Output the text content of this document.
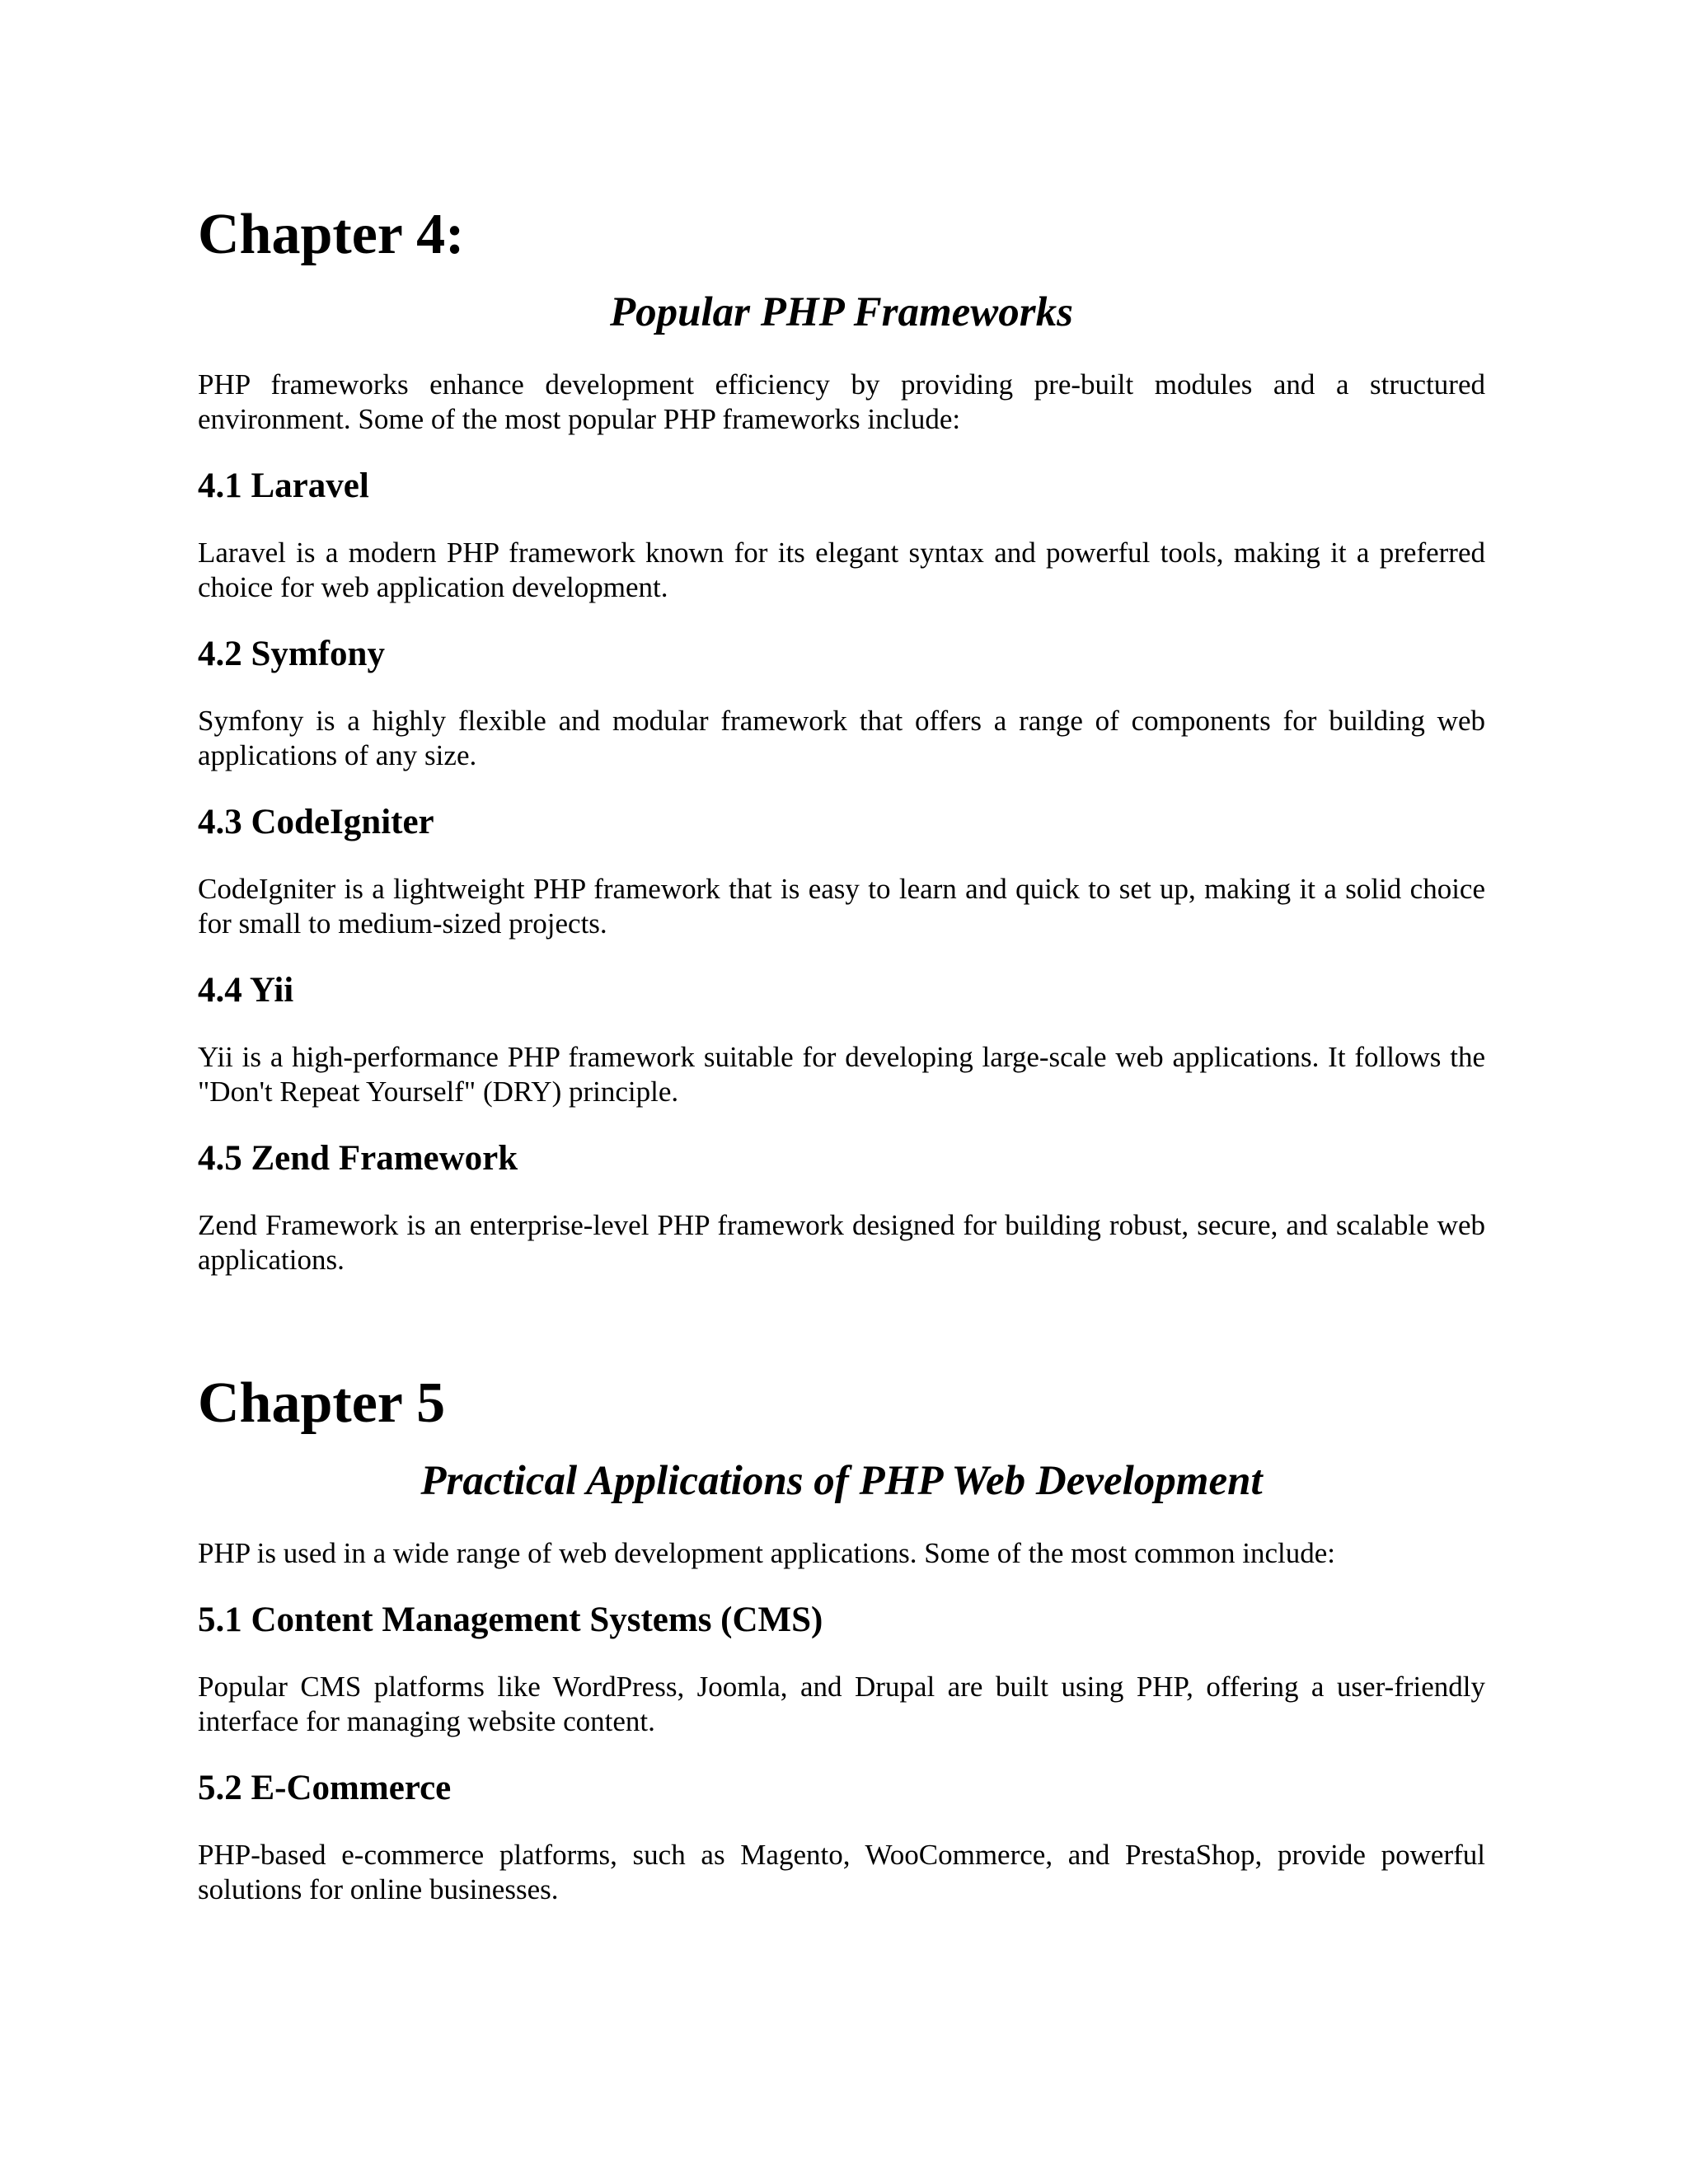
Chapter 4:
Popular PHP Frameworks

PHP frameworks enhance development efficiency by providing pre-built modules and a structured environment. Some of the most popular PHP frameworks include:

4.1 Laravel

Laravel is a modern PHP framework known for its elegant syntax and powerful tools, making it a preferred choice for web application development.

4.2 Symfony

Symfony is a highly flexible and modular framework that offers a range of components for building web applications of any size.

4.3 CodeIgniter

CodeIgniter is a lightweight PHP framework that is easy to learn and quick to set up, making it a solid choice for small to medium-sized projects.

4.4 Yii

Yii is a high-performance PHP framework suitable for developing large-scale web applications. It follows the "Don't Repeat Yourself" (DRY) principle.

4.5 Zend Framework

Zend Framework is an enterprise-level PHP framework designed for building robust, secure, and scalable web applications.

Chapter 5
Practical Applications of PHP Web Development

PHP is used in a wide range of web development applications. Some of the most common include:

5.1 Content Management Systems (CMS)

Popular CMS platforms like WordPress, Joomla, and Drupal are built using PHP, offering a user-friendly interface for managing website content.

5.2 E-Commerce

PHP-based e-commerce platforms, such as Magento, WooCommerce, and PrestaShop, provide powerful solutions for online businesses.
